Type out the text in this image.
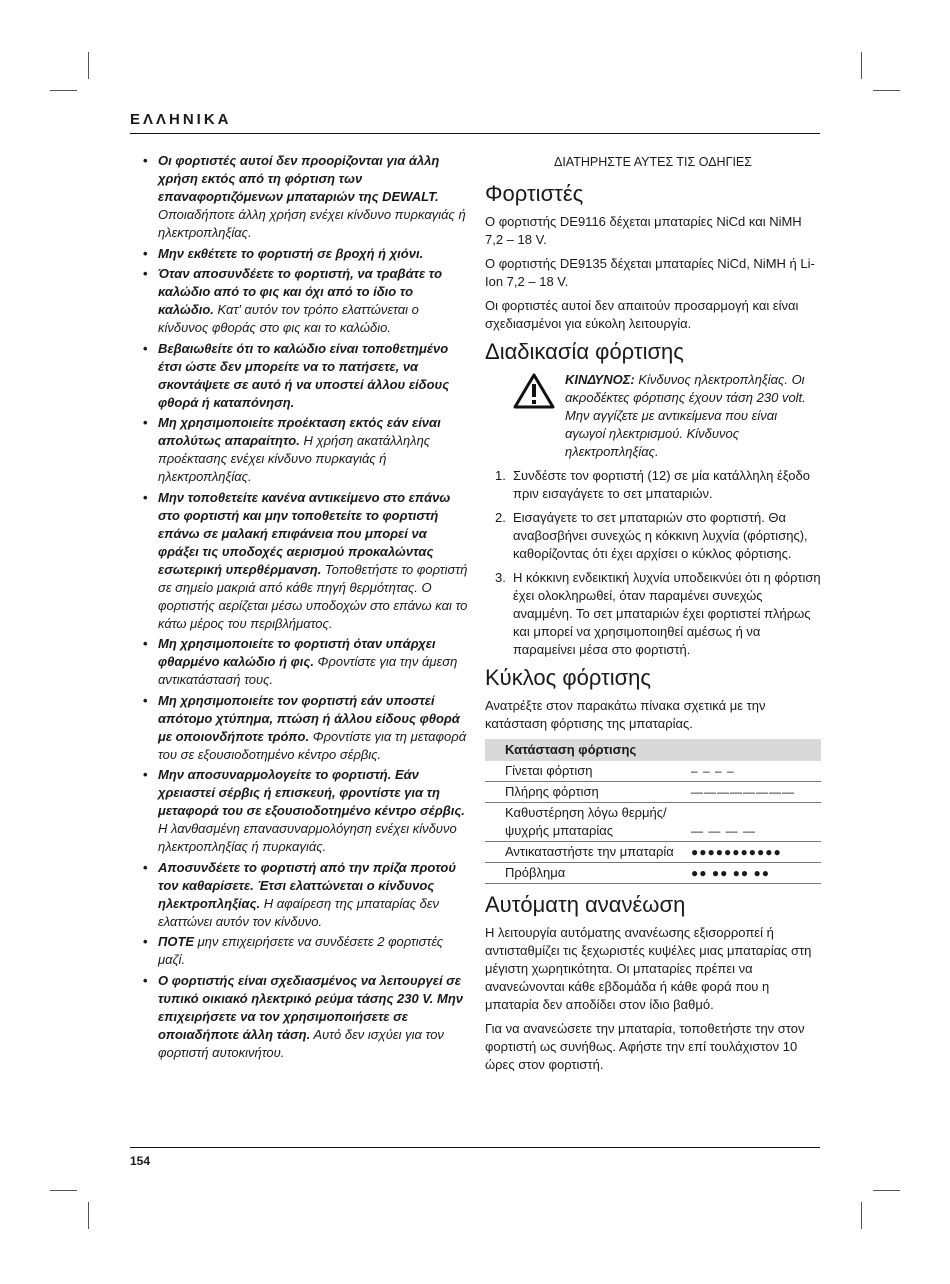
ΕΛΛΗΝΙΚΑ
• Οι φορτιστές αυτοί δεν προορίζονται για άλλη χρήση εκτός από τη φόρτιση των επαναφορτιζόμενων μπαταριών της DEWALT. Οποιαδήποτε άλλη χρήση ενέχει κίνδυνο πυρκαγιάς ή ηλεκτροπληξίας.
• Μην εκθέτετε το φορτιστή σε βροχή ή χιόνι.
• Όταν αποσυνδέετε το φορτιστή, να τραβάτε το καλώδιο από το φις και όχι από το ίδιο το καλώδιο. Κατ' αυτόν τον τρόπο ελαττώνεται ο κίνδυνος φθοράς στο φις και το καλώδιο.
• Βεβαιωθείτε ότι το καλώδιο είναι τοποθετημένο έτσι ώστε δεν μπορείτε να το πατήσετε, να σκοντάψετε σε αυτό ή να υποστεί άλλου είδους φθορά ή καταπόνηση.
• Μη χρησιμοποιείτε προέκταση εκτός εάν είναι απολύτως απαραίτητο. Η χρήση ακατάλληλης προέκτασης ενέχει κίνδυνο πυρκαγιάς ή ηλεκτροπληξίας.
• Μην τοποθετείτε κανένα αντικείμενο στο επάνω στο φορτιστή και μην τοποθετείτε το φορτιστή επάνω σε μαλακή επιφάνεια που μπορεί να φράξει τις υποδοχές αερισμού προκαλώντας εσωτερική υπερθέρμανση. Τοποθετήστε το φορτιστή σε σημείο μακριά από κάθε πηγή θερμότητας. Ο φορτιστής αερίζεται μέσω υποδοχών στο επάνω και το κάτω μέρος του περιβλήματος.
• Μη χρησιμοποιείτε το φορτιστή όταν υπάρχει φθαρμένο καλώδιο ή φις. Φροντίστε για την άμεση αντικατάστασή τους.
• Μη χρησιμοποιείτε τον φορτιστή εάν υποστεί απότομο χτύπημα, πτώση ή άλλου είδους φθορά με οποιονδήποτε τρόπο. Φροντίστε για τη μεταφορά του σε εξουσιοδοτημένο κέντρο σέρβις.
• Μην αποσυναρμολογείτε το φορτιστή. Εάν χρειαστεί σέρβις ή επισκευή, φροντίστε για τη μεταφορά του σε εξουσιοδοτημένο κέντρο σέρβις. Η λανθασμένη επανασυναρμολόγηση ενέχει κίνδυνο ηλεκτροπληξίας ή πυρκαγιάς.
• Αποσυνδέετε το φορτιστή από την πρίζα προτού τον καθαρίσετε. Έτσι ελαττώνεται ο κίνδυνος ηλεκτροπληξίας. Η αφαίρεση της μπαταρίας δεν ελαττώνει αυτόν τον κίνδυνο.
• ΠΟΤΕ μην επιχειρήσετε να συνδέσετε 2 φορτιστές μαζί.
• Ο φορτιστής είναι σχεδιασμένος να λειτουργεί σε τυπικό οικιακό ηλεκτρικό ρεύμα τάσης 230 V. Μην επιχειρήσετε να τον χρησιμοποιήσετε σε οποιαδήποτε άλλη τάση. Αυτό δεν ισχύει για τον φορτιστή αυτοκινήτου.
ΔΙΑΤΗΡΗΣΤΕ ΑΥΤΕΣ ΤΙΣ ΟΔΗΓΙΕΣ
Φορτιστές

Ο φορτιστής DE9116 δέχεται μπαταρίες NiCd και NiMH 7,2 – 18 V.

Ο φορτιστής DE9135 δέχεται μπαταρίες NiCd, NiMH ή Li-Ion 7,2 – 18 V.

Οι φορτιστές αυτοί δεν απαιτούν προσαρμογή και είναι σχεδιασμένοι για εύκολη λειτουργία.

Διαδικασία φόρτισης
ΚΙΝΔΥΝΟΣ: Κίνδυνος ηλεκτροπληξίας. Οι ακροδέκτες φόρτισης έχουν τάση 230 volt. Μην αγγίζετε με αντικείμενα που είναι αγωγοί ηλεκτρισμού. Κίνδυνος ηλεκτροπληξίας.
1. Συνδέστε τον φορτιστή (12) σε μία κατάλληλη έξοδο πριν εισαγάγετε το σετ μπαταριών.
2. Εισαγάγετε το σετ μπαταριών στο φορτιστή. Θα αναβοσβήνει συνεχώς η κόκκινη λυχνία (φόρτισης), καθορίζοντας ότι έχει αρχίσει ο κύκλος φόρτισης.
3. Η κόκκινη ενδεικτική λυχνία υποδεικνύει ότι η φόρτιση έχει ολοκληρωθεί, όταν παραμένει συνεχώς αναμμένη. Το σετ μπαταριών έχει φορτιστεί πλήρως και μπορεί να χρησιμοποιηθεί αμέσως ή να παραμείνει μέσα στο φορτιστή.
Κύκλος φόρτισης

Ανατρέξτε στον παρακάτω πίνακα σχετικά με την κατάσταση φόρτισης της μπαταρίας.

Κατάσταση φόρτισης	
Γίνεται φόρτιση	– – – –
Πλήρης φόρτιση	————————
Καθυστέρηση λόγω θερμής/ ψυχρής μπαταρίας	— — — —
Αντικαταστήστε την μπαταρία	●●●●●●●●●●●
Πρόβλημα	●● ●● ●● ●●
Αυτόματη ανανέωση

Η λειτουργία αυτόματης ανανέωσης εξισορροπεί ή αντισταθμίζει τις ξεχωριστές κυψέλες μιας μπαταρίας στη μέγιστη χωρητικότητα. Οι μπαταρίες πρέπει να ανανεώνονται κάθε εβδομάδα ή κάθε φορά που η μπαταρία δεν αποδίδει στον ίδιο βαθμό.

Για να ανανεώσετε την μπαταρία, τοποθετήστε την στον φορτιστή ως συνήθως. Αφήστε την επί τουλάχιστον 10 ώρες στον φορτιστή.

154
